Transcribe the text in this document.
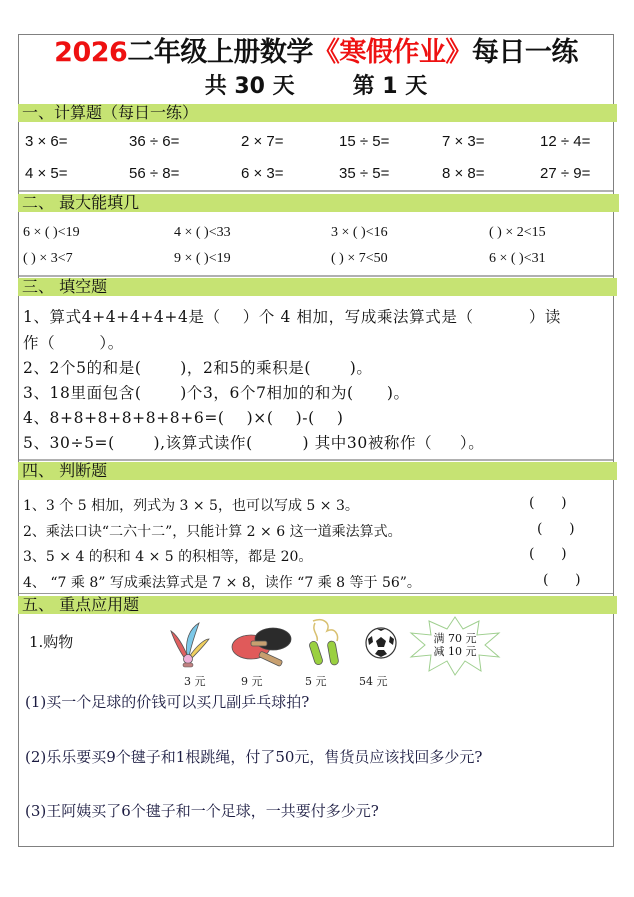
2026二年级上册数学《寒假作业》每日一练
共 30 天	第 1 天
一、计算题（每日一练）
3 × 6=	36 ÷ 6=	2 × 7=	15 ÷ 5=	7 × 3=	12 ÷ 4=
4 × 5=	56 ÷ 8=	6 × 3=	35 ÷ 5=	8 × 8=	27 ÷ 9=
二、 最大能填几
6 × ( )<19	4 × ( )<33	3 × ( )<16	( ) × 2<15
( ) × 3<7	9 × ( )<19	( ) × 7<50	6 × ( )<31
三、 填空题
1、算式4+4+4+4+4是（    ）个 4 相加，写成乘法算式是（          ）读
作（        ）。
2、2个5的和是(       )，2和5的乘积是(       )。
3、18里面包含(       )个3，6个7相加的和为(      )。
4、8+8+8+8+8+8+6=(    )×(    )-(    )
5、30÷5=(       ),该算式读作(         ) 其中30被称作（     ）。
四、 判断题
1、3 个 5 相加，列式为 3 × 5，也可以写成 5 × 3。	(      )
2、乘法口诀“二六十二”，只能计算 2 × 6 这一道乘法算式。	(      )
3、5 × 4 的积和 4 × 5 的积相等，都是 20。	(      )
4、 “7 乘 8” 写成乘法算式是 7 × 8，读作 “7 乘 8 等于 56”。	(      )
五、 重点应用题
1.购物
3 元	9 元	5 元	54 元
满 70 元
减 10 元
(1)买一个足球的价钱可以买几副乒乓球拍?
(2)乐乐要买9个毽子和1根跳绳，付了50元，售货员应该找回多少元?
(3)王阿姨买了6个毽子和一个足球，一共要付多少元?
